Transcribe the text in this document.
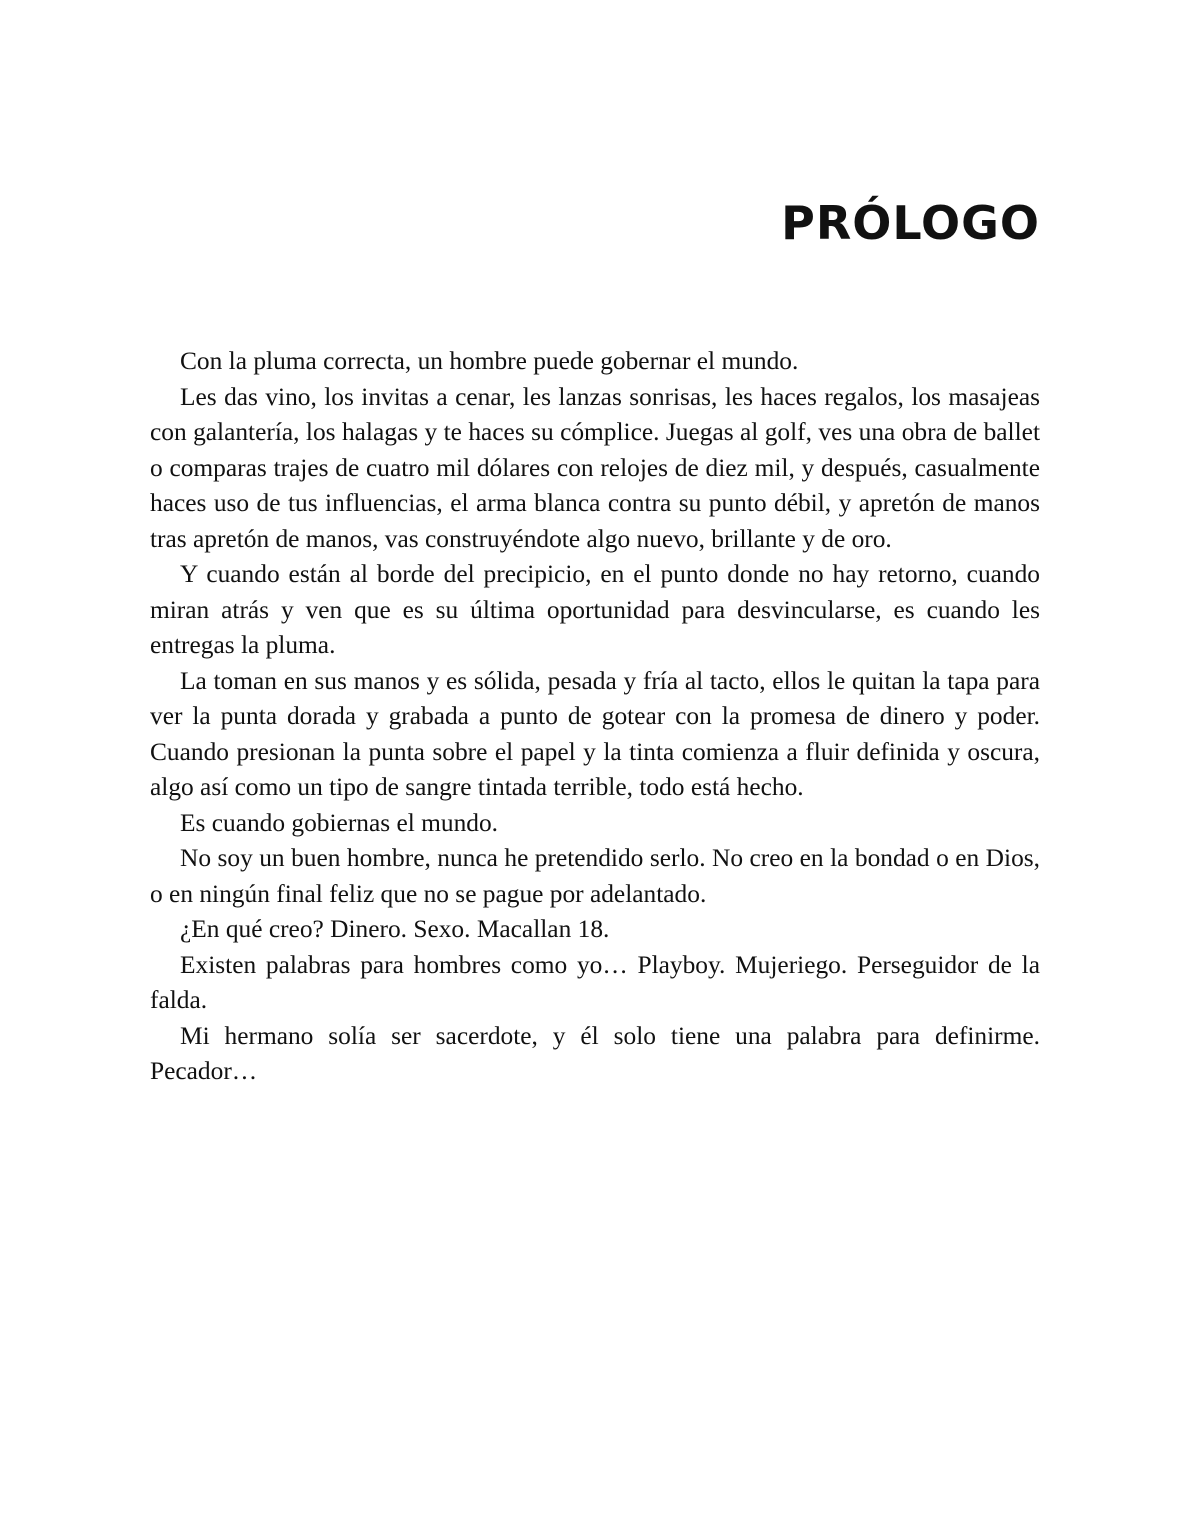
PRÓLOGO

Con la pluma correcta, un hombre puede gobernar el mundo.

Les das vino, los invitas a cenar, les lanzas sonrisas, les haces regalos, los masajeas con galantería, los halagas y te haces su cómplice. Juegas al golf, ves una obra de ballet o comparas trajes de cuatro mil dólares con relojes de diez mil, y después, casualmente haces uso de tus influencias, el arma blanca contra su punto débil, y apretón de manos tras apretón de manos, vas construyéndote algo nuevo, brillante y de oro.

Y cuando están al borde del precipicio, en el punto donde no hay retorno, cuando miran atrás y ven que es su última oportunidad para desvincularse, es cuando les entregas la pluma.

La toman en sus manos y es sólida, pesada y fría al tacto, ellos le quitan la tapa para ver la punta dorada y grabada a punto de gotear con la promesa de dinero y poder. Cuando presionan la punta sobre el papel y la tinta comienza a fluir definida y oscura, algo así como un tipo de sangre tintada terrible, todo está hecho.

Es cuando gobiernas el mundo.

No soy un buen hombre, nunca he pretendido serlo. No creo en la bondad o en Dios, o en ningún final feliz que no se pague por adelantado.

¿En qué creo? Dinero. Sexo. Macallan 18.

Existen palabras para hombres como yo… Playboy. Mujeriego. Perseguidor de la falda.

Mi hermano solía ser sacerdote, y él solo tiene una palabra para definirme. Pecador…
